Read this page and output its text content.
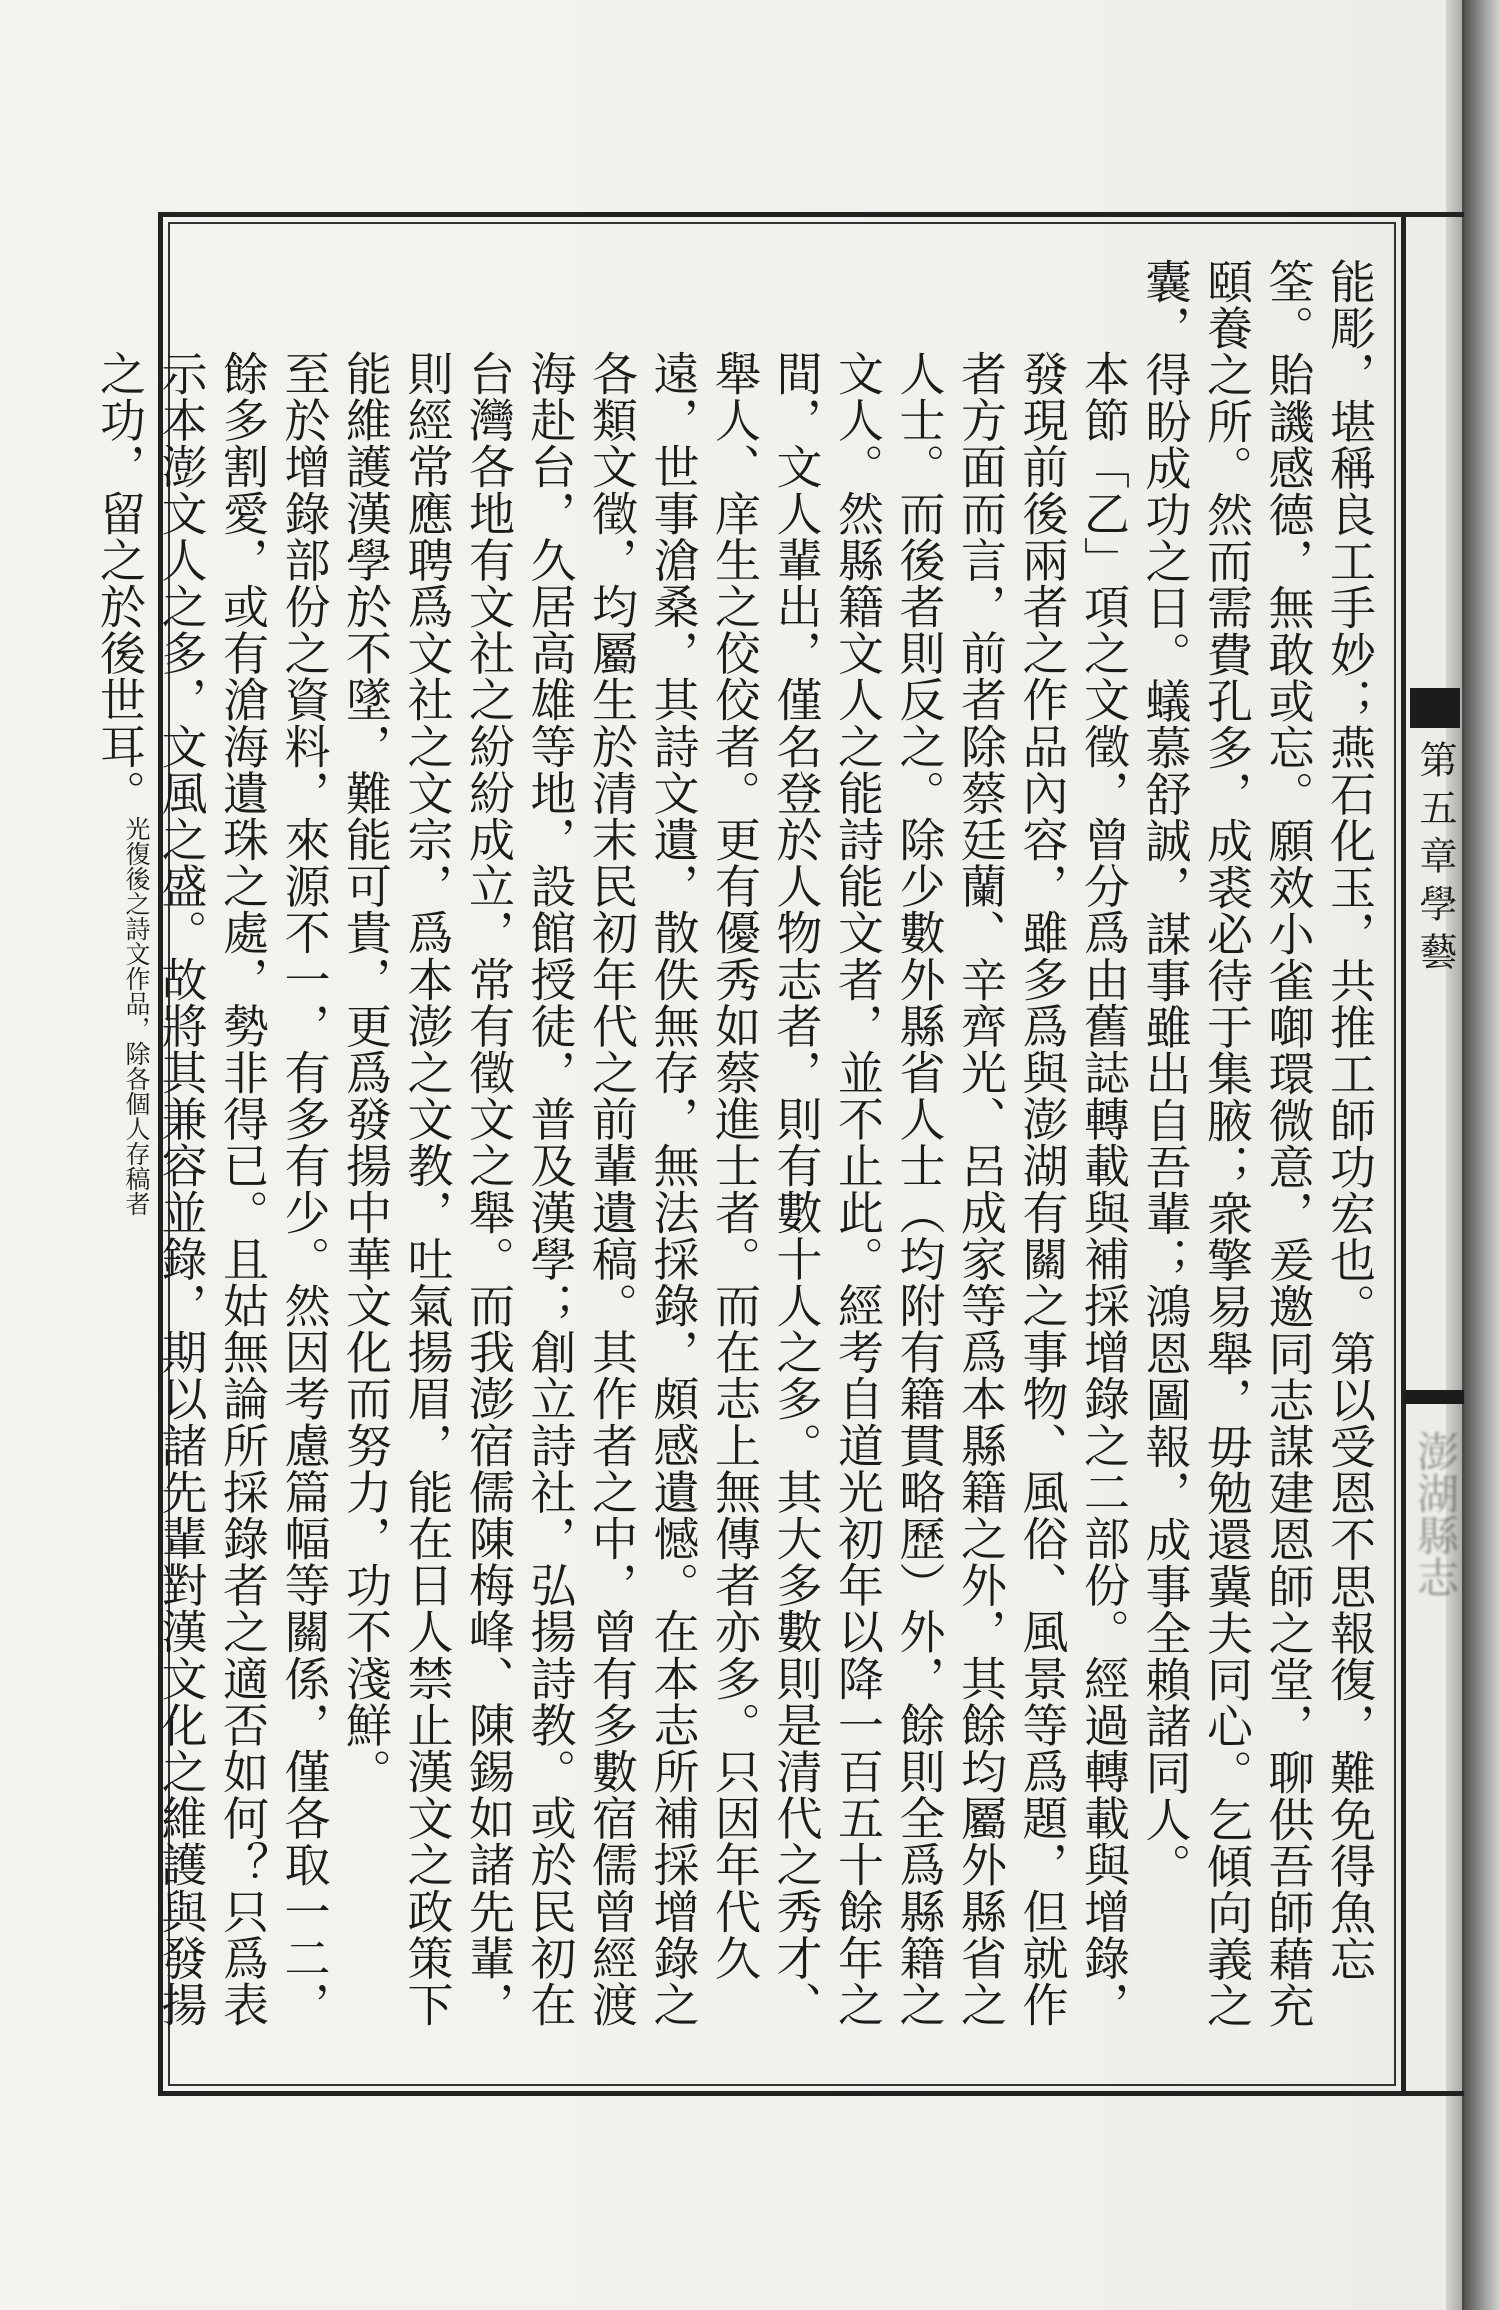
第五章學藝
澎湖縣志

能彫，堪稱良工手妙；燕石化玉，共推工師功宏也。第以受恩不思報復，難免得魚忘筌。貽譏感德，無敢或忘。願效小雀啣環微意，爰邀同志謀建恩師之堂，聊供吾師藉充頤養之所。然而需費孔多，成裘必待于集腋；衆擎易舉，毋勉還冀夫同心。乞傾向義之囊，得盼成功之日。蟻慕舒誠，謀事雖出自吾輩；鴻恩圖報，成事全賴諸同人。

本節「乙」項之文徵，曾分爲由舊誌轉載與補採增錄之二部份。經過轉載與增錄，發現前後兩者之作品內容，雖多爲與澎湖有關之事物、風俗、風景等爲題，但就作者方面而言，前者除蔡廷蘭、辛齊光、呂成家等爲本縣籍之外，其餘均屬外縣省之人士。而後者則反之。除少數外縣省人士（均附有籍貫略歷）外，餘則全爲縣籍之文人。然縣籍文人之能詩能文者，並不止此。經考自道光初年以降一百五十餘年之間，文人輩出，僅名登於人物志者，則有數十人之多。其大多數則是清代之秀才、舉人、庠生之佼佼者。更有優秀如蔡進士者。而在志上無傳者亦多。只因年代久遠，世事滄桑，其詩文遺，散佚無存，無法採錄，頗感遺憾。在本志所補採增錄之各類文徵，均屬生於清末民初年代之前輩遺稿。其作者之中，曾有多數宿儒曾經渡海赴台，久居高雄等地，設館授徒，普及漢學；創立詩社，弘揚詩教。或於民初在台灣各地有文社之紛紛成立，常有徵文之舉。而我澎宿儒陳梅峰、陳錫如諸先輩，則經常應聘爲文社之文宗，爲本澎之文教，吐氣揚眉，能在日人禁止漢文之政策下能維護漢學於不墜，難能可貴，更爲發揚中華文化而努力，功不淺鮮。

至於增錄部份之資料，來源不一，有多有少。然因考慮篇幅等關係，僅各取一二，餘多割愛，或有滄海遺珠之處，勢非得已。且姑無論所採錄者之適否如何？只爲表示本澎文人之多，文風之盛。故將其兼容並錄，期以諸先輩對漢文化之維護與發揚之功，留之於後世耳。光復後之詩文作品，除各個人存稿者
